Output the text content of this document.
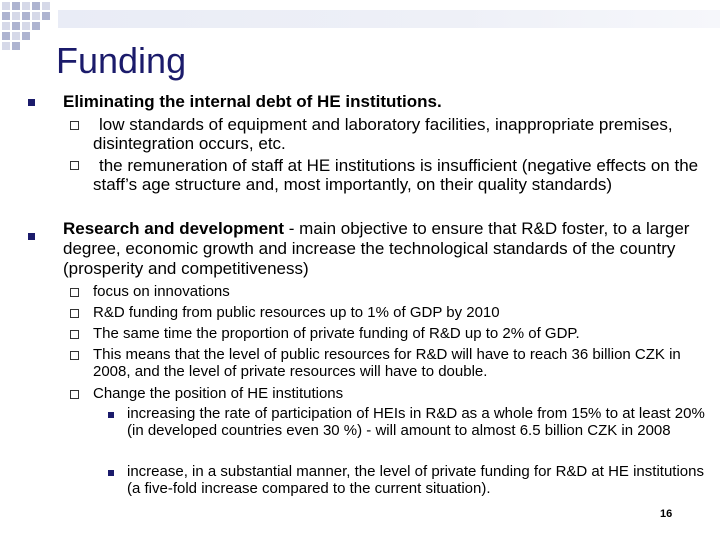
Funding
Eliminating the internal debt of HE institutions.
low standards of equipment and laboratory facilities, inappropriate premises, disintegration occurs, etc.
the remuneration of staff at HE institutions is insufficient (negative effects on the staff’s age structure and, most importantly, on their quality standards)
Research and development - main objective to ensure that R&D foster, to a larger degree, economic growth and increase the technological standards of the country (prosperity and competitiveness)
focus on innovations
R&D funding from public resources up to 1% of GDP by 2010
The same time the proportion of private funding of R&D up to 2% of GDP.
This means that the level of public resources for R&D will have to reach 36 billion CZK in 2008, and the level of private resources will have to double.
Change the position of HE institutions
increasing the rate of participation of HEIs in R&D as a whole from 15% to at least 20% (in developed countries even 30 %) - will amount to almost 6.5 billion CZK in 2008
increase, in a substantial manner, the level of private funding for R&D at HE institutions (a five-fold increase compared to the current situation).
16
